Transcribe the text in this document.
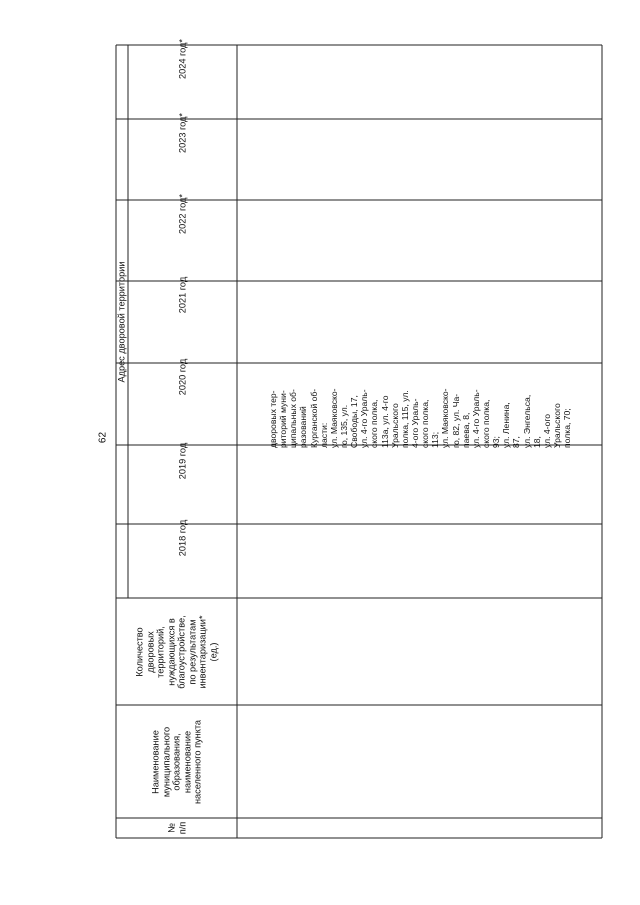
62
№
п/п
Наименование
муниципального
образования,
наименование
населенного пункта
Количество
дворовых
территорий,
нуждающихся в
благоустройстве,
по результатам
инвентаризации*
(ед.)
Адрес дворовой территории
2018 год
2019 год
2020 год
2021 год
2022 год*
2023 год*
2024 год*
дворовых тер-
риторий муни-
ципальных об-
разований
Курганской об-
ласти:
ул. Маяковско-
го, 135, ул.
Свободы, 17,
ул. 4-го Ураль-
ского полка,
113а, ул. 4-го
Уральского
полка, 115, ул.
4-ого Ураль-
ского полка,
113;
ул. Маяковско-
го, 82, ул. Ча-
паева, 8,
ул. 4-го Ураль-
ского полка,
93;
ул. Ленина,
87,
ул. Энгельса,
18,
ул. 4-ого
Уральского
полка, 70;
